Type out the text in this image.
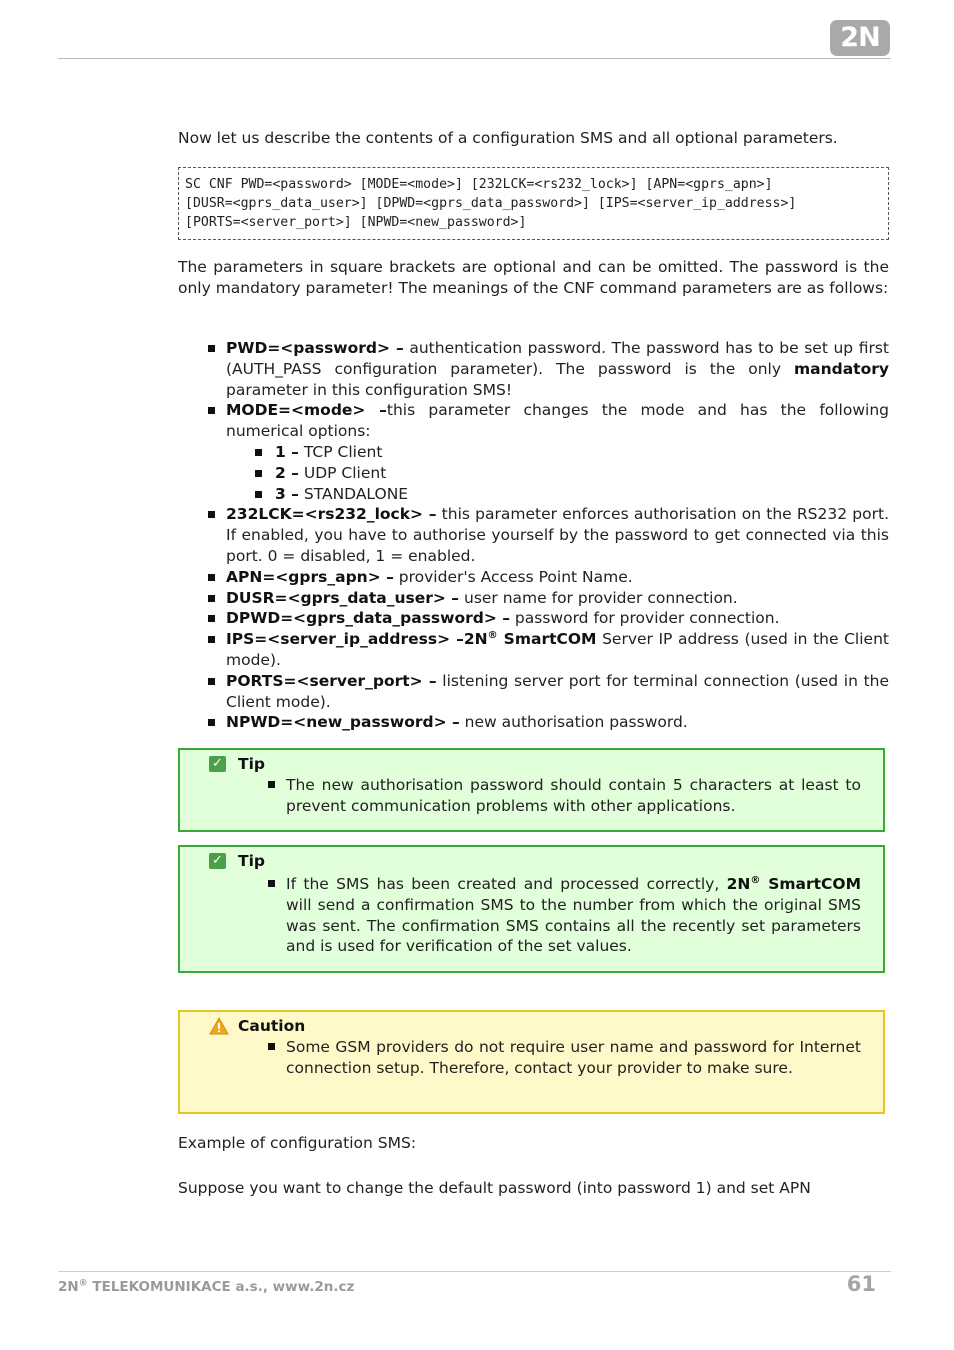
2N

Now let us describe the contents of a configuration SMS and all optional parameters.

SC CNF PWD=<password> [MODE=<mode>] [232LCK=<rs232_lock>] [APN=<gprs_apn>]
[DUSR=<gprs_data_user>] [DPWD=<gprs_data_password>] [IPS=<server_ip_address>]
[PORTS=<server_port>] [NPWD=<new_password>]

The parameters in square brackets are optional and can be omitted. The password is the only mandatory parameter! The meanings of the CNF command parameters are as follows:

PWD=<password> – authentication password. The password has to be set up first (AUTH_PASS configuration parameter). The password is the only mandatory parameter in this configuration SMS!
MODE=<mode> –this parameter changes the mode and has the following numerical options:
1 – TCP Client
2 – UDP Client
3 – STANDALONE
232LCK=<rs232_lock> – this parameter enforces authorisation on the RS232 port. If enabled, you have to authorise yourself by the password to get connected via this port. 0 = disabled, 1 = enabled.
APN=<gprs_apn> – provider's Access Point Name.
DUSR=<gprs_data_user> – user name for provider connection.
DPWD=<gprs_data_password> – password for provider connection.
IPS=<server_ip_address> –2N® SmartCOM Server IP address (used in the Client mode).
PORTS=<server_port> – listening server port for terminal connection (used in the Client mode).
NPWD=<new_password> – new authorisation password.
✓ Tip
The new authorisation password should contain 5 characters at least to prevent communication problems with other applications.
✓ Tip
If the SMS has been created and processed correctly, 2N® SmartCOM will send a confirmation SMS to the number from which the original SMS was sent. The confirmation SMS contains all the recently set parameters and is used for verification of the set values.
Caution
Some GSM providers do not require user name and password for Internet connection setup. Therefore, contact your provider to make sure.

Example of configuration SMS:

Suppose you want to change the default password (into password 1) and set APN

2N® TELEKOMUNIKACE a.s., www.2n.cz	61
